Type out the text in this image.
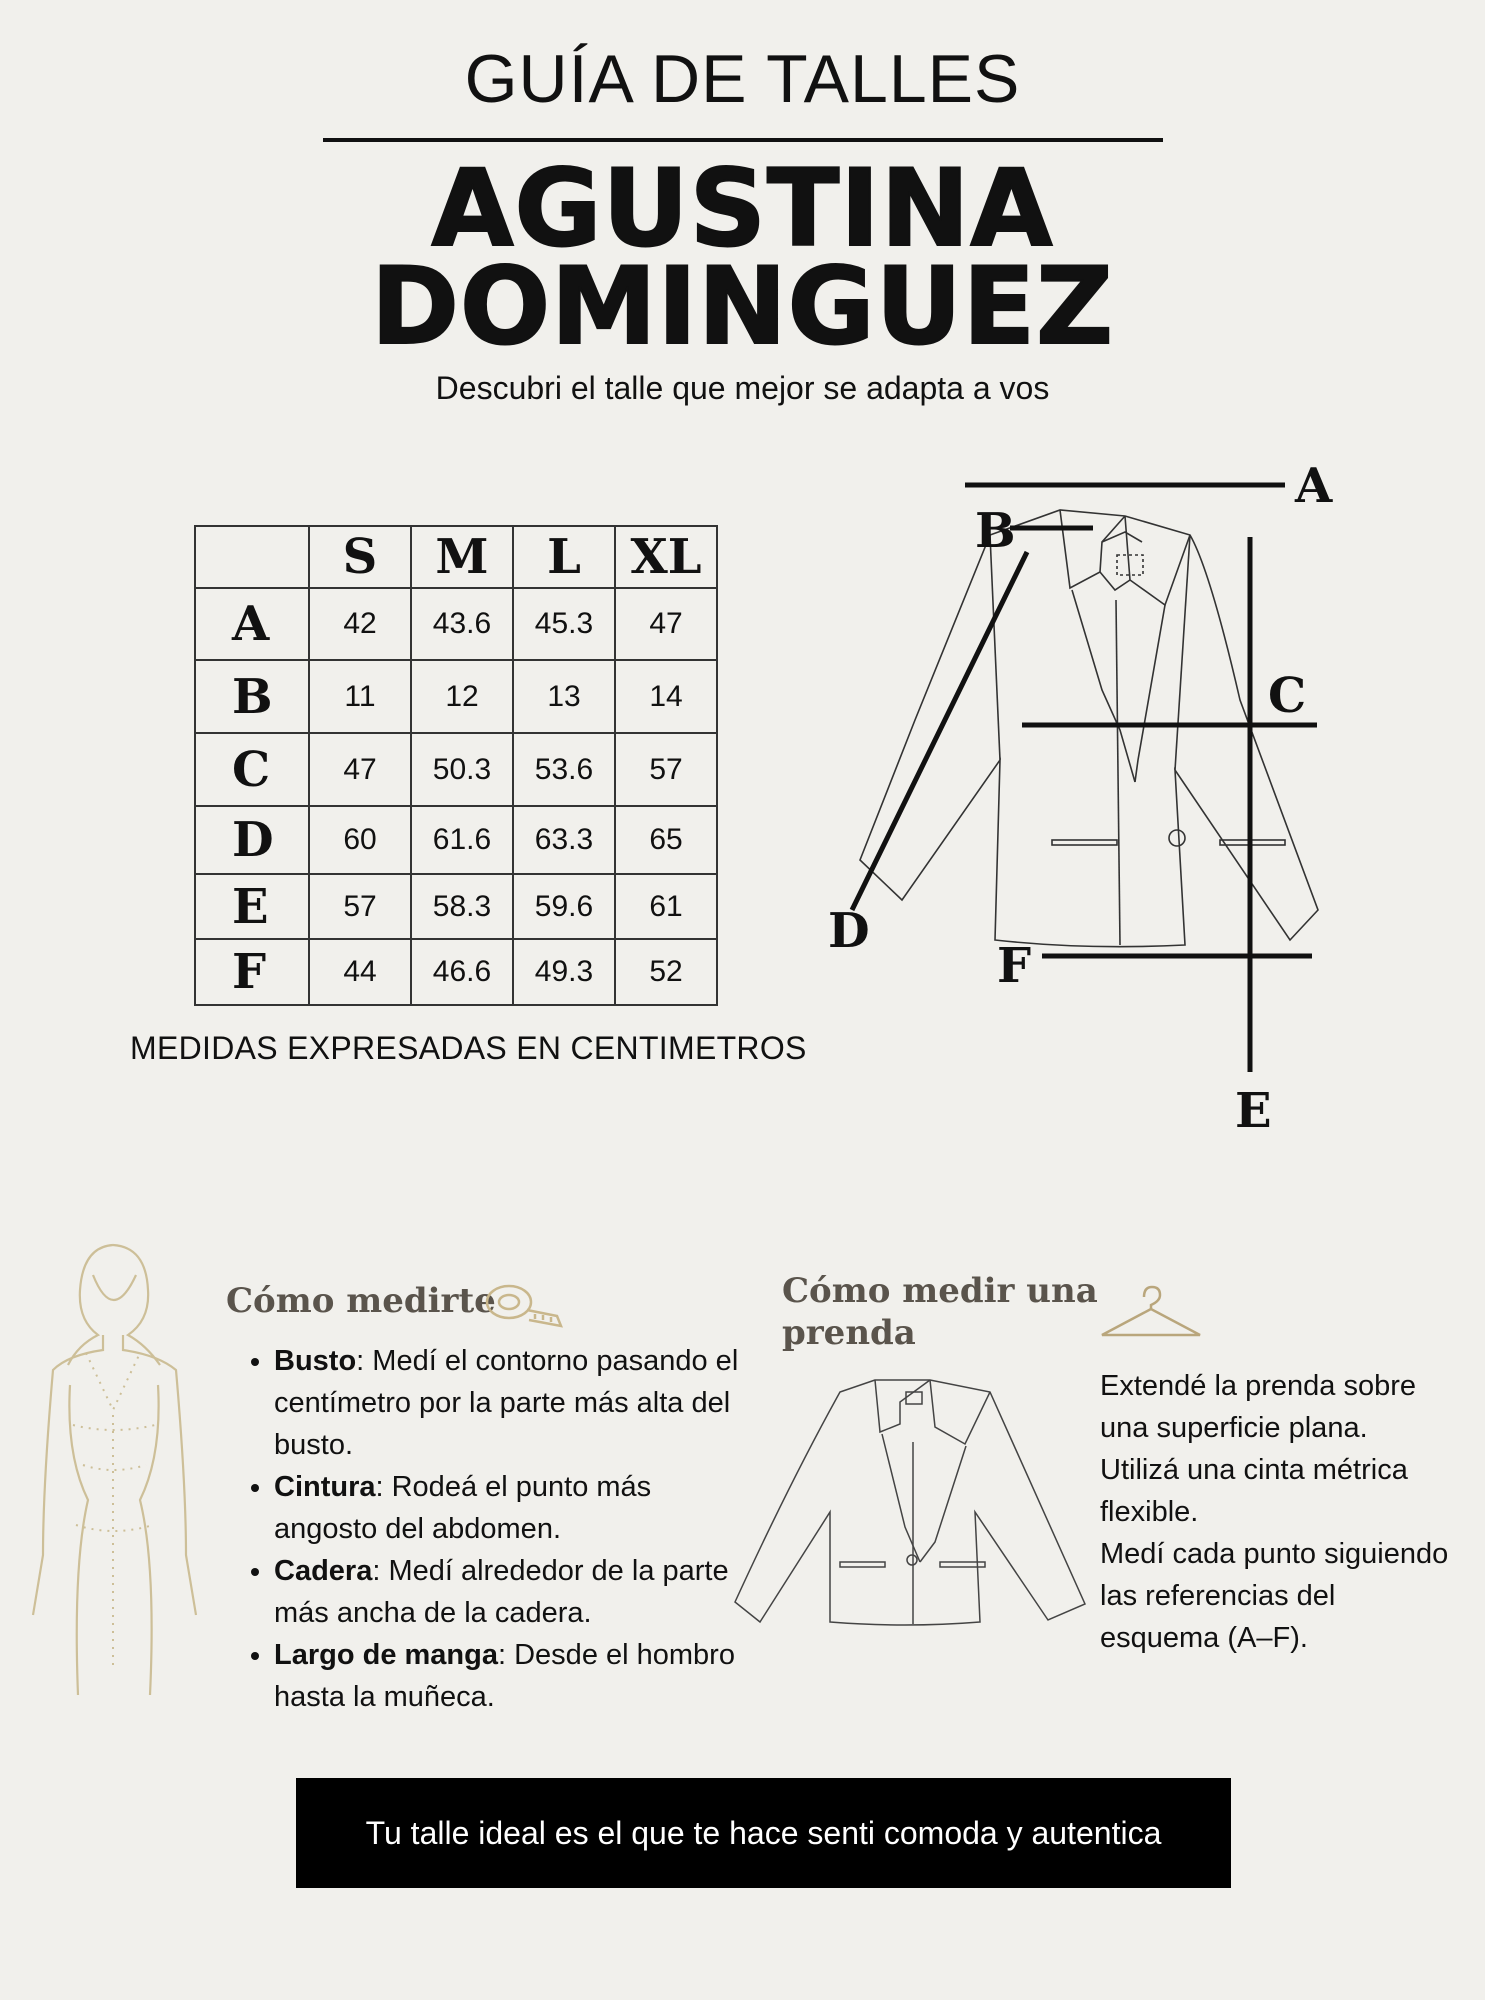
GUÍA DE TALLES
AGUSTINA
DOMINGUEZ
Descubri el talle que mejor se adapta a vos
	S	M	L	XL
A	42	43.6	45.3	47
B	11	12	13	14
C	47	50.3	53.6	57
D	60	61.6	63.3	65
E	57	58.3	59.6	61
F	44	46.6	49.3	52
MEDIDAS EXPRESADAS EN CENTIMETROS
A
B
C
D
E
F
Cómo medirte
• Busto: Medí el contorno pasando el centímetro por la parte más alta del busto.
• Cintura: Rodeá el punto más angosto del abdomen.
• Cadera: Medí alrededor de la parte más ancha de la cadera.
• Largo de manga: Desde el hombro hasta la muñeca.
Cómo medir una
prenda
Extendé la prenda sobre
una superficie plana.
Utilizá una cinta métrica
flexible.
Medí cada punto siguiendo
las referencias del
esquema (A–F).
Tu talle ideal es el que te hace senti comoda y autentica
